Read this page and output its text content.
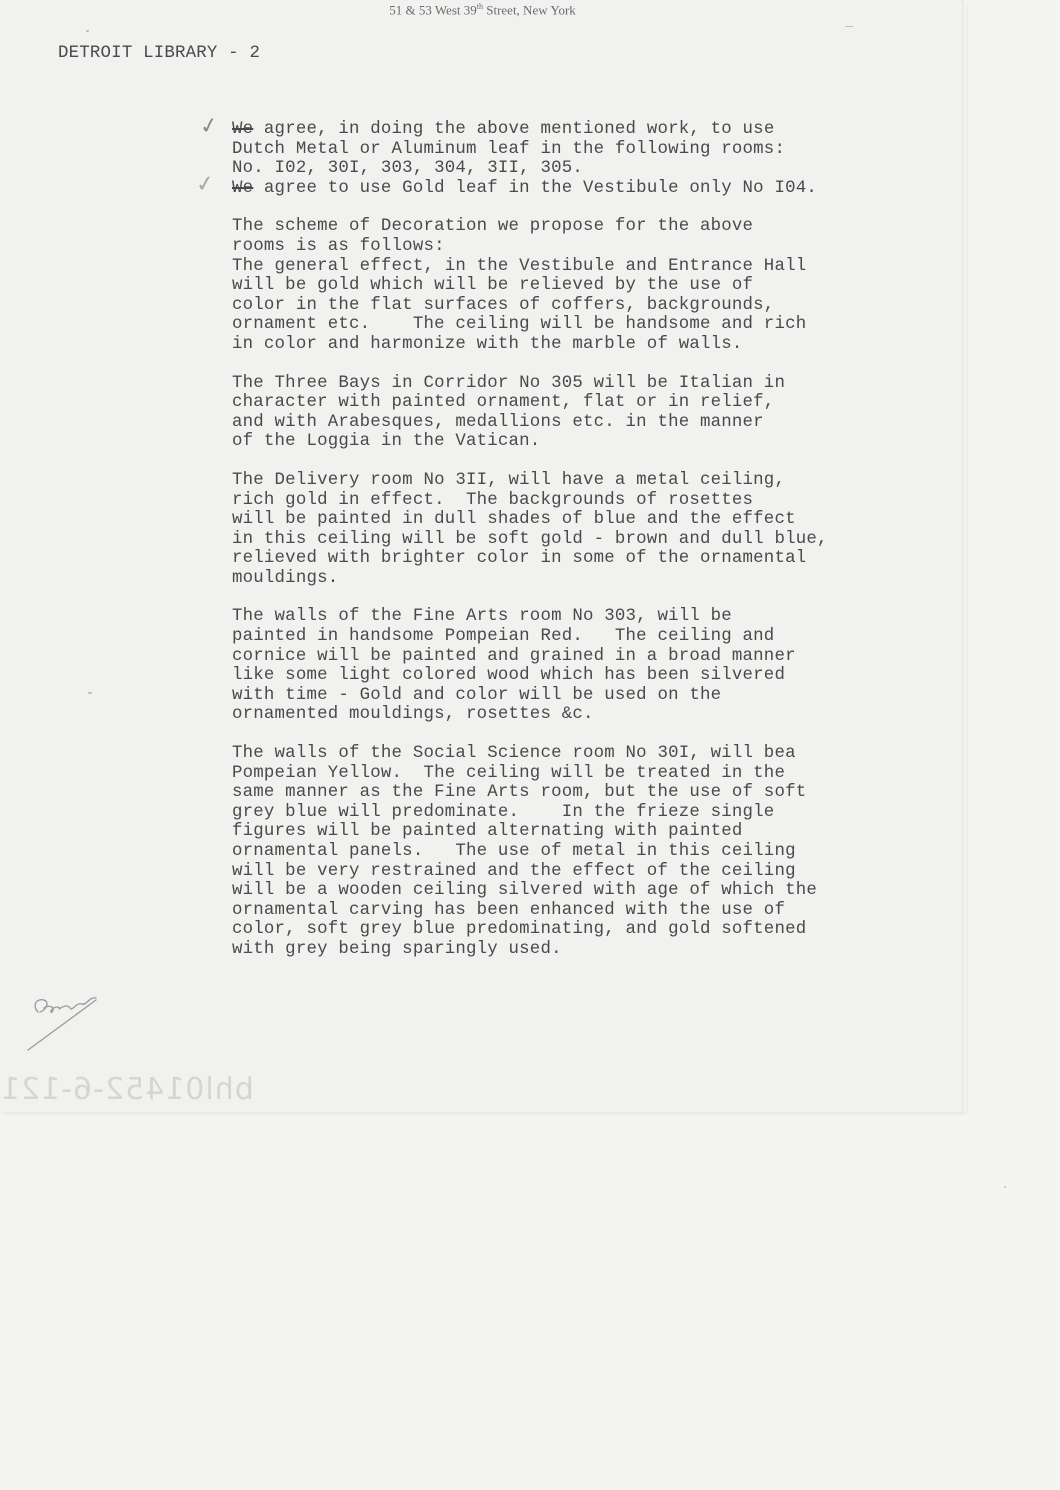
51 & 53 West 39th Street, New York
DETROIT LIBRARY - 2
✓
✓
We agree, in doing the above mentioned work, to use
Dutch Metal or Aluminum leaf in the following rooms:
No. I02, 30I, 303, 304, 3II, 305.
We agree to use Gold leaf in the Vestibule only No I04.
The scheme of Decoration we propose for the above
rooms is as follows:
The general effect, in the Vestibule and Entrance Hall
will be gold which will be relieved by the use of
color in the flat surfaces of coffers, backgrounds,
ornament etc.    The ceiling will be handsome and rich
in color and harmonize with the marble of walls.
The Three Bays in Corridor No 305 will be Italian in
character with painted ornament, flat or in relief,
and with Arabesques, medallions etc. in the manner
of the Loggia in the Vatican.
The Delivery room No 3II, will have a metal ceiling,
rich gold in effect.  The backgrounds of rosettes
will be painted in dull shades of blue and the effect
in this ceiling will be soft gold - brown and dull blue,
relieved with brighter color in some of the ornamental
mouldings.
The walls of the Fine Arts room No 303, will be
painted in handsome Pompeian Red.   The ceiling and
cornice will be painted and grained in a broad manner
like some light colored wood which has been silvered
with time - Gold and color will be used on the
ornamented mouldings, rosettes &c.
The walls of the Social Science room No 30I, will bea
Pompeian Yellow.  The ceiling will be treated in the
same manner as the Fine Arts room, but the use of soft
grey blue will predominate.    In the frieze single
figures will be painted alternating with painted
ornamental panels.   The use of metal in this ceiling
will be very restrained and the effect of the ceiling
will be a wooden ceiling silvered with age of which the
ornamental carving has been enhanced with the use of
color, soft grey blue predominating, and gold softened
with grey being sparingly used.
bhl01452-6-121
